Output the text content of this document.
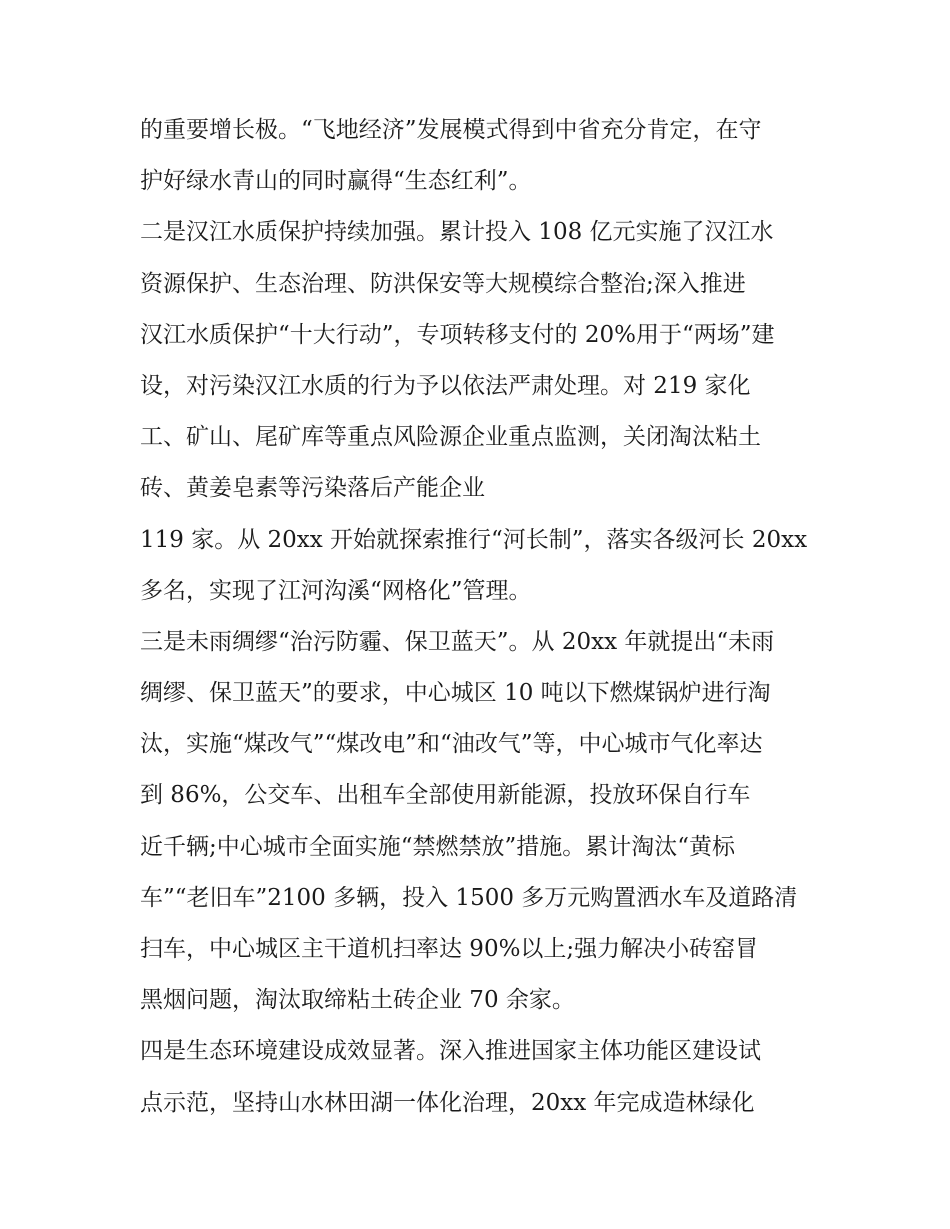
的重要增长极。“飞地经济”发展模式得到中省充分肯定，在守
护好绿水青山的同时赢得“生态红利”。
二是汉江水质保护持续加强。累计投入 108 亿元实施了汉江水
资源保护、生态治理、防洪保安等大规模综合整治;深入推进
汉江水质保护“十大行动”，专项转移支付的 20%用于“两场”建
设，对污染汉江水质的行为予以依法严肃处理。对 219 家化
工、矿山、尾矿库等重点风险源企业重点监测，关闭淘汰粘土
砖、黄姜皂素等污染落后产能企业
119 家。从 20xx 开始就探索推行“河长制”，落实各级河长 20xx
多名，实现了江河沟溪“网格化”管理。
三是未雨绸缪“治污防霾、保卫蓝天”。从 20xx 年就提出“未雨
绸缪、保卫蓝天”的要求，中心城区 10 吨以下燃煤锅炉进行淘
汰，实施“煤改气”“煤改电”和“油改气”等，中心城市气化率达
到 86%，公交车、出租车全部使用新能源，投放环保自行车
近千辆;中心城市全面实施“禁燃禁放”措施。累计淘汰“黄标
车”“老旧车”2100 多辆，投入 1500 多万元购置洒水车及道路清
扫车，中心城区主干道机扫率达 90%以上;强力解决小砖窑冒
黑烟问题，淘汰取缔粘土砖企业 70 余家。
四是生态环境建设成效显著。深入推进国家主体功能区建设试
点示范，坚持山水林田湖一体化治理，20xx 年完成造林绿化
